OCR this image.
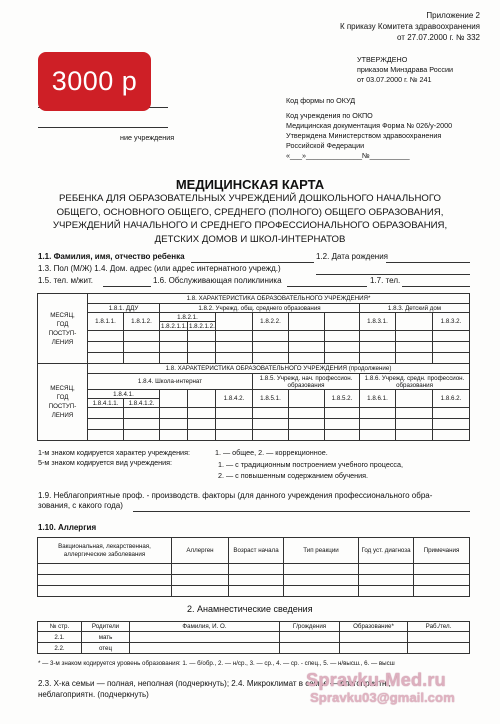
Приложение 2
К приказу Комитета здравоохранения
от 27.07.2000 г. № 332
УТВЕРЖДЕНО
приказом Минздрава России
от 03.07.2000 г. № 241
ние учреждения
Код формы по ОКУД
Код учреждения по ОКПО
Медицинская документация Форма № 026/у-2000
Утверждена Министерством здравоохранения
Российской Федерации
«___»______________№__________
МЕДИЦИНСКАЯ КАРТА
РЕБЕНКА ДЛЯ ОБРАЗОВАТЕЛЬНЫХ УЧРЕЖДЕНИЙ ДОШКОЛЬНОГО НАЧАЛЬНОГО
ОБЩЕГО, ОСНОВНОГО ОБЩЕГО, СРЕДНЕГО (ПОЛНОГО) ОБЩЕГО ОБРАЗОВАНИЯ,
УЧРЕЖДЕНИЙ НАЧАЛЬНОГО И СРЕДНЕГО ПРОФЕССИОНАЛЬНОГО ОБРАЗОВАНИЯ,
ДЕТСКИХ ДОМОВ И ШКОЛ-ИНТЕРНАТОВ
1.1. Фамилия, имя, отчество ребенка	1.2. Дата рождения
1.3. Пол (М/Ж) 1.4. Дом. адрес (или адрес интернатного учрежд.)
1.5. тел. м/жит.	1.6. Обслуживающая поликлиника	1.7. тел.
МЕСЯЦ,
ГОД
ПОСТУП-
ЛЕНИЯ	1.8. ХАРАКТЕРИСТИКА ОБРАЗОВАТЕЛЬНОГО УЧРЕЖДЕНИЯ*										
	1.8.1. ДДУ		1.8.2. Учрежд. общ. среднего образования						1.8.3. Детский дом		
	1.8.1.1.	1.8.1.2.	1.8.2.1.			1.8.2.2.			1.8.3.1.		1.8.3.2.
			1.8.2.1.1.	1.8.2.1.2.							

МЕСЯЦ,
ГОД
ПОСТУП-
ЛЕНИЯ	1.8. ХАРАКТЕРИСТИКА ОБРАЗОВАТЕЛЬНОГО УЧРЕЖДЕНИЯ (продолжение)										
	1.8.4. Школа-интернат					1.8.5. Учрежд. нач. профессион. образования			1.8.6. Учрежд. средн. профессион. образования		
	1.8.4.1.				1.8.4.2.	1.8.5.1.		1.8.5.2.	1.8.6.1.		1.8.6.2.
	1.8.4.1.1.	1.8.4.1.2.									

1-м знаком кодируется характер учреждения:	1. — общее, 2. — коррекционное.
5-м знаком кодируется вид учреждения:	1. — с традиционным построением учебного процесса,
2. — с повышенным содержанием обучения.
1.9. Неблагоприятные проф. - производств. факторы (для данного учреждения профессионального обра-
зования, с какого года)
1.10. Аллергия
Вакциональная, лекарственная, аллергические заболевания	Аллерген	Возраст начала	Тип реакции	Год уст. диагноза	Примечания

2. Анамнестические сведения
№ стр.	Родители	Фамилия, И. О.	Г/рождения	Образование*	Раб./тел.
2.1.	мать				
2.2.	отец				
* — 3-м знаком кодируется уровень образования: 1. — б/обр., 2. — н/ср., 3. — ср., 4. — ср. - спец., 5. — н/высш., 6. — высш
2.3. Х-ка семьи — полная, неполная (подчеркнуть); 2.4. Микроклимат в семье — благоприятн.,
неблагоприятн. (подчеркнуть)
Spravku-Med.ru
Spravku03@gmail.com
3000 р
